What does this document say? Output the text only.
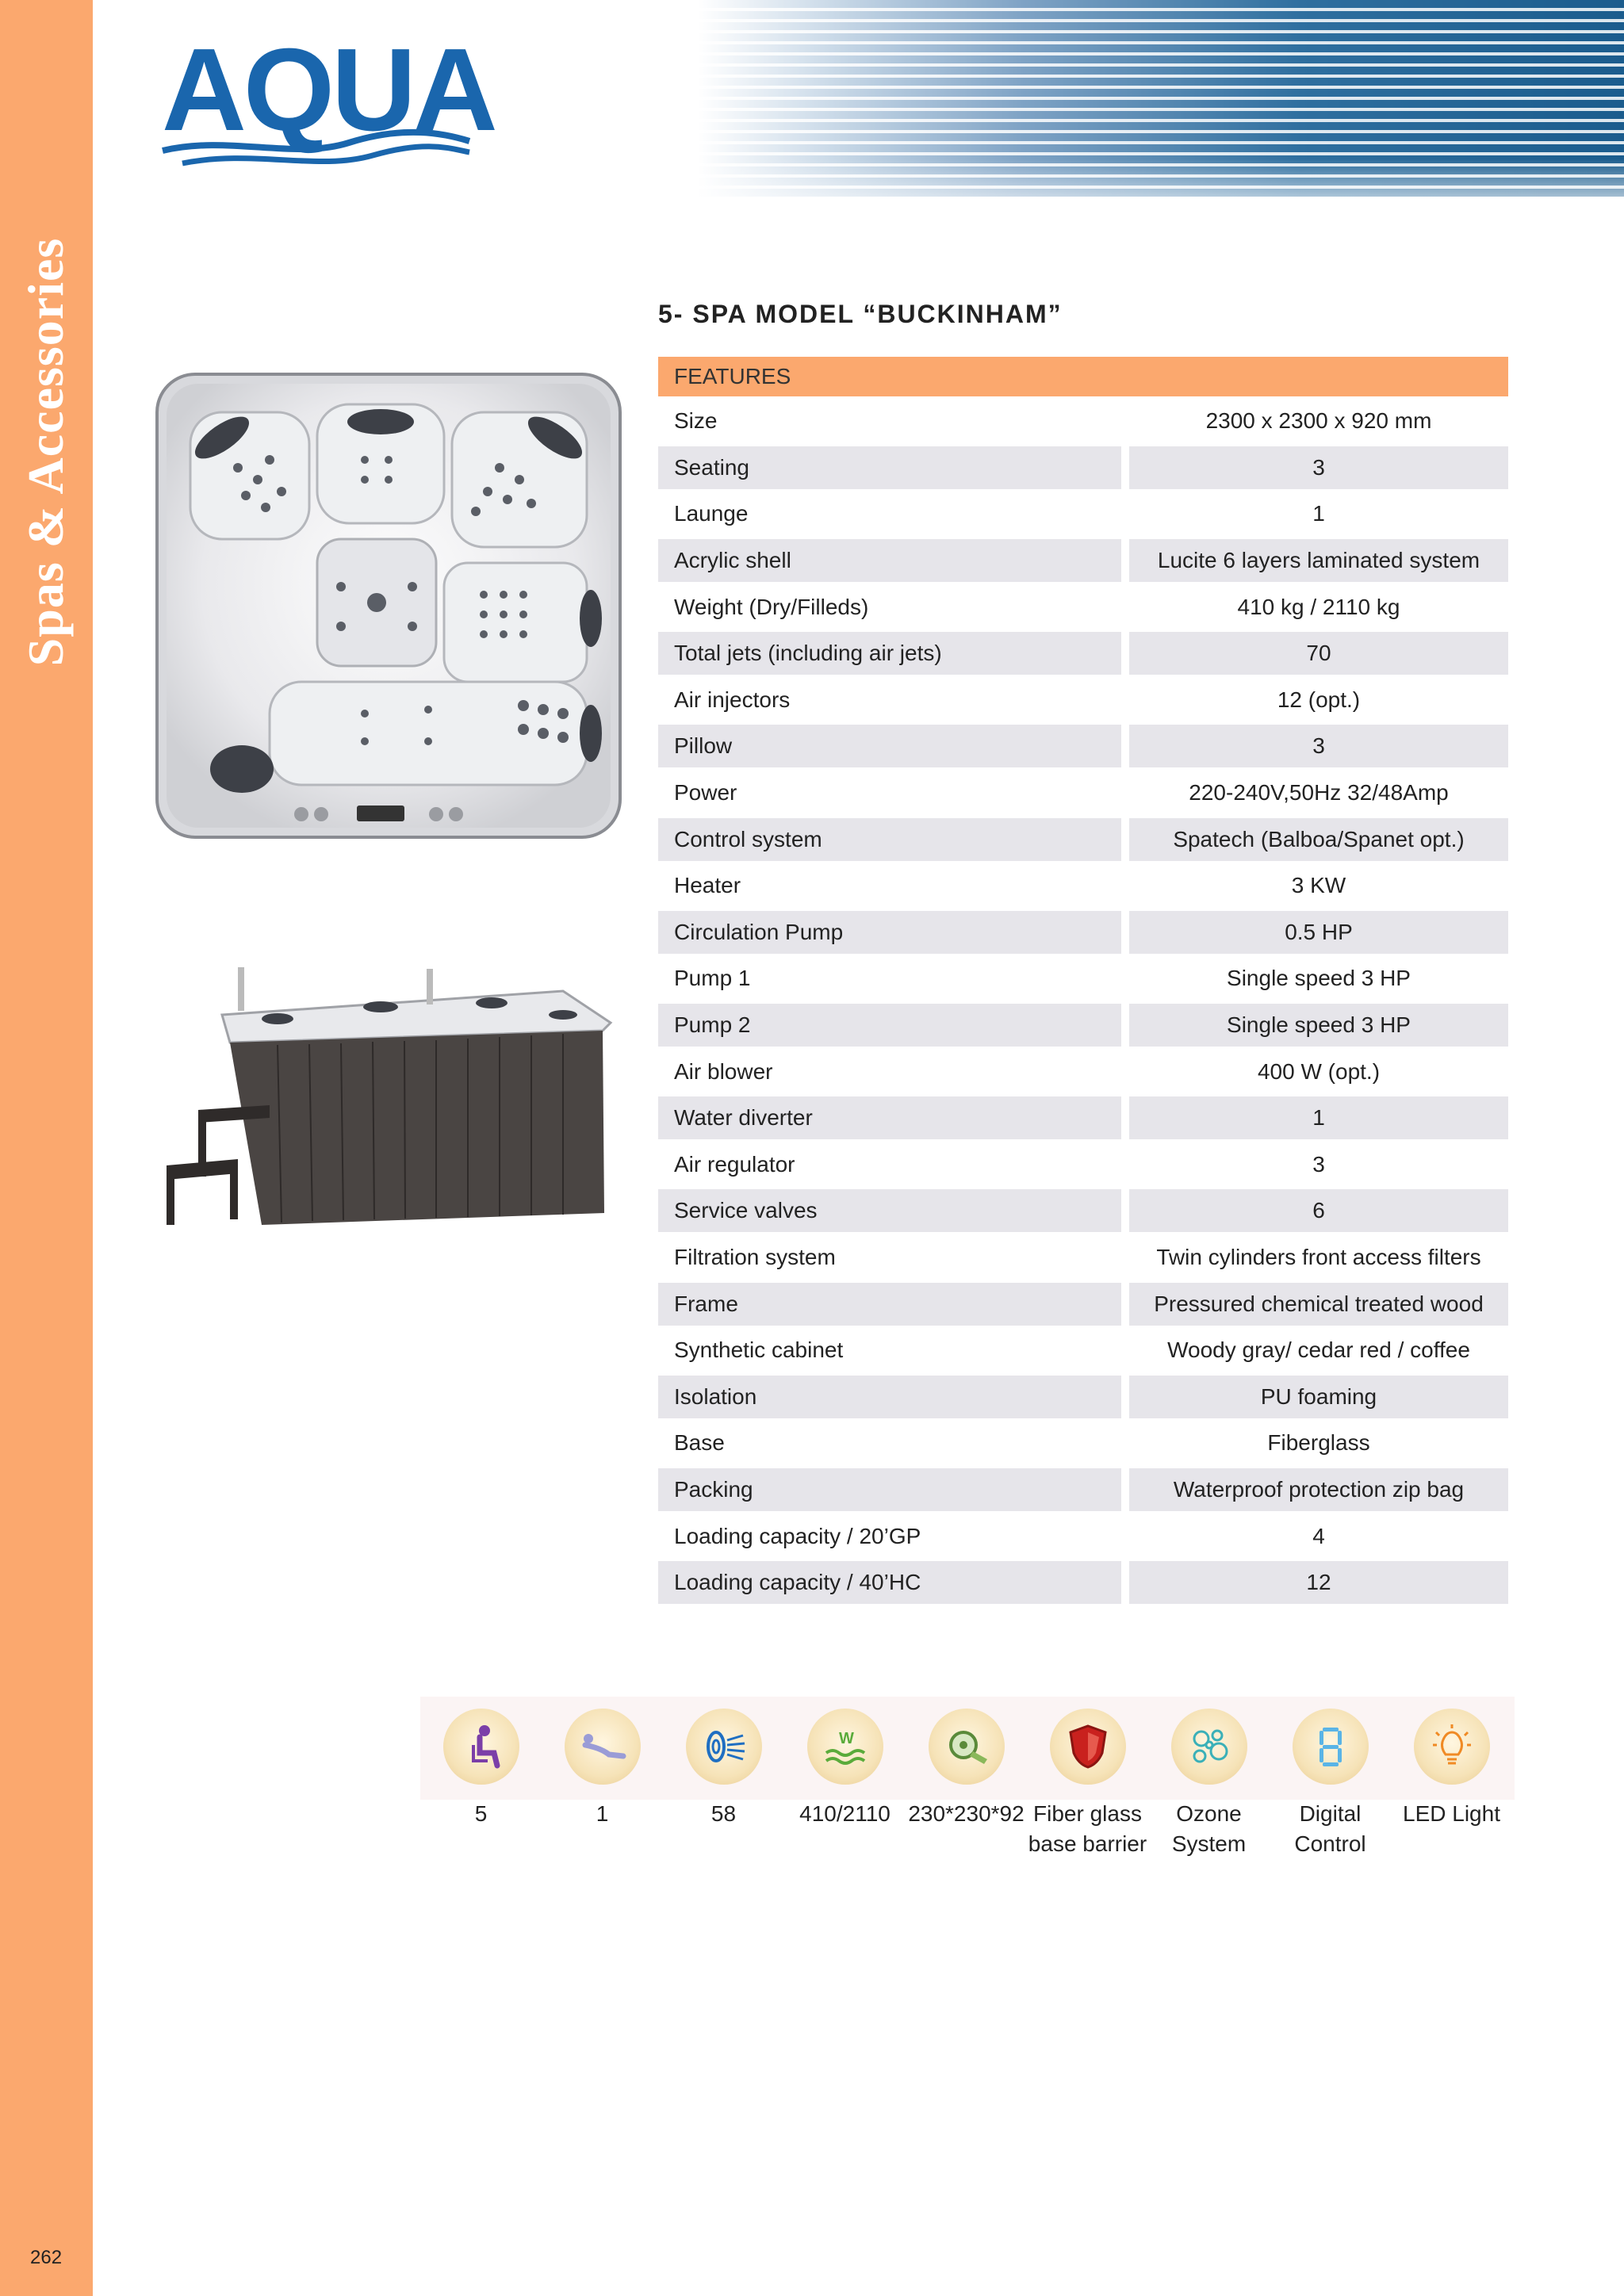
Spas & Accessories
262
AQUA
5- SPA MODEL “BUCKINHAM”
FEATURES
Size	2300 x 2300 x 920 mm
Seating	3
Launge	1
Acrylic shell	Lucite 6 layers laminated system
Weight (Dry/Filleds)	410 kg / 2110 kg
Total jets (including air jets)	70
Air injectors	12 (opt.)
Pillow	3
Power	220-240V,50Hz 32/48Amp
Control system	Spatech (Balboa/Spanet opt.)
Heater	3 KW
Circulation Pump	0.5 HP
Pump 1	Single speed 3 HP
Pump 2	Single speed 3 HP
Air blower	400 W (opt.)
Water diverter	1
Air regulator	3
Service valves	6
Filtration system	Twin cylinders front access filters
Frame	Pressured chemical treated wood
Synthetic cabinet	Woody gray/ cedar red / coffee
Isolation	PU foaming
Base	Fiberglass
Packing	Waterproof protection zip bag
Loading capacity / 20’GP	4
Loading capacity / 40’HC	12
5	1	58

W
410/2110 230*230*92 Fiber glass
base barrier
Ozone
System
Digital
Control
LED Light
